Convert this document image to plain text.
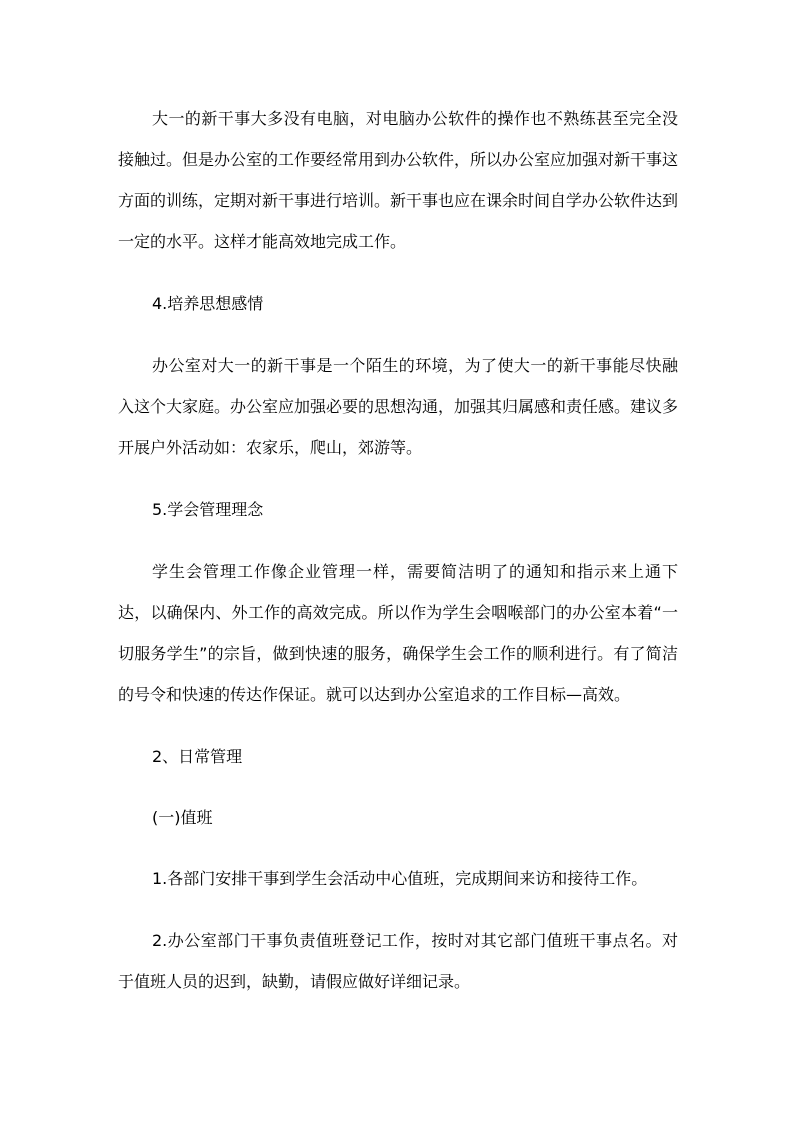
大一的新干事大多没有电脑，对电脑办公软件的操作也不熟练甚至完全没接触过。但是办公室的工作要经常用到办公软件，所以办公室应加强对新干事这方面的训练，定期对新干事进行培训。新干事也应在课余时间自学办公软件达到一定的水平。这样才能高效地完成工作。

4.培养思想感情

办公室对大一的新干事是一个陌生的环境，为了使大一的新干事能尽快融入这个大家庭。办公室应加强必要的思想沟通，加强其归属感和责任感。建议多开展户外活动如：农家乐，爬山，郊游等。

5.学会管理理念

学生会管理工作像企业管理一样，需要简洁明了的通知和指示来上通下达，以确保内、外工作的高效完成。所以作为学生会咽喉部门的办公室本着“一切服务学生”的宗旨，做到快速的服务，确保学生会工作的顺利进行。有了简洁的号令和快速的传达作保证。就可以达到办公室追求的工作目标—高效。

2、日常管理

(一)值班

1.各部门安排干事到学生会活动中心值班，完成期间来访和接待工作。

2.办公室部门干事负责值班登记工作，按时对其它部门值班干事点名。对于值班人员的迟到，缺勤，请假应做好详细记录。
